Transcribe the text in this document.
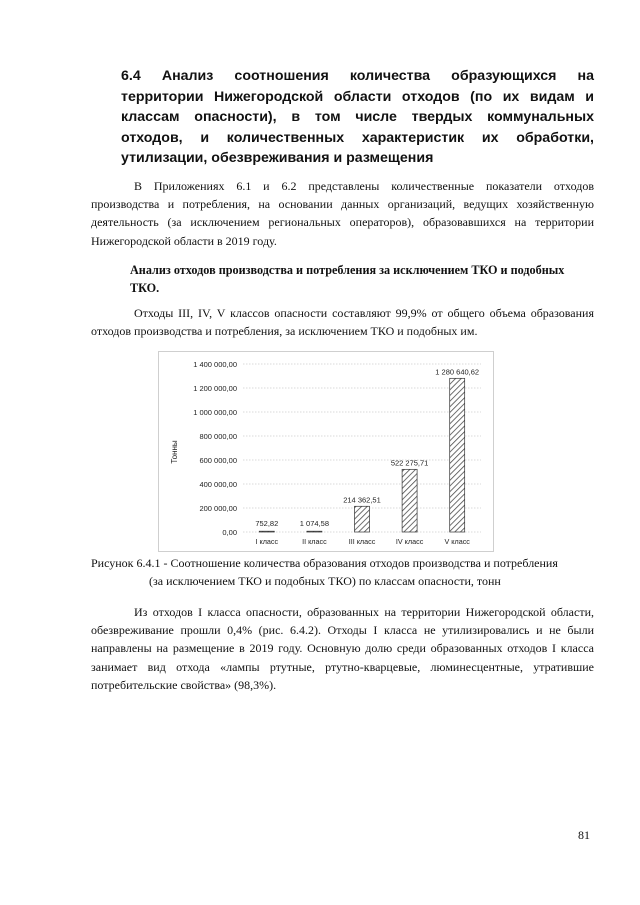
6.4 Анализ соотношения количества образующихся на территории Нижегородской области отходов (по их видам и классам опасности), в том числе твердых коммунальных отходов, и количественных характеристик их обработки, утилизации, обезвреживания и размещения

В Приложениях 6.1 и 6.2 представлены количественные показатели отходов производства и потребления, на основании данных организаций, ведущих хозяйственную деятельность (за исключением региональных операторов), образовавшихся на территории Нижегородской области в 2019 году.

Анализ отходов производства и потребления за исключением ТКО и подобных ТКО.

Отходы III, IV, V классов опасности составляют 99,9% от общего объема образования отходов производства и потребления, за исключением ТКО и подобных им.

0,00
200 000,00
400 000,00
600 000,00
800 000,00
1 000 000,00
1 200 000,00
1 400 000,00
752,82	1 074,58
214 362,51
522 275,71
1 280 640,62
I класс	II класс	III класс	IV класс	V класс
Тонны
Рисунок 6.4.1 - Соотношение количества образования отходов производства и потребления
(за исключением ТКО и подобных ТКО) по классам опасности, тонн

Из отходов I класса опасности, образованных на территории Нижегородской области, обезвреживание прошли 0,4% (рис. 6.4.2). Отходы I класса не утилизировались и не были направлены на размещение в 2019 году. Основную долю среди образованных отходов I класса занимает вид отхода «лампы ртутные, ртутно-кварцевые, люминесцентные, утратившие потребительские свойства» (98,3%).

81
